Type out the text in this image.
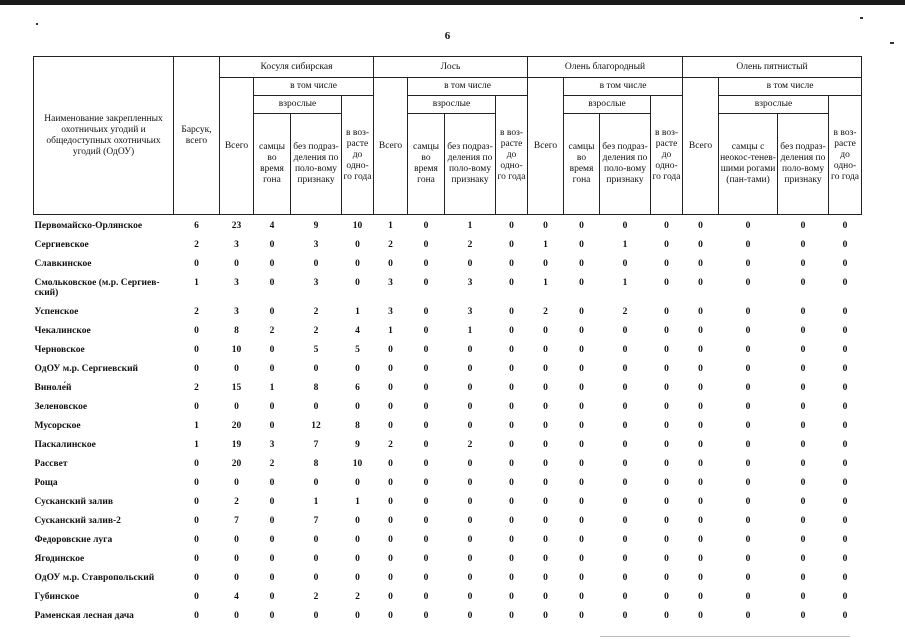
6
Наименование закрепленных охотничьих угодий и общедоступных охотничьих угодий (ОдОУ)	Барсук, всего	Косуля сибирская				Лось				Олень благородный				Олень пятнистый			
		Всего	в том числе			Всего	в том числе			Всего	в том числе			Всего	в том числе		
			взрослые		в воз-расте до одно-го года		взрослые		в воз-расте до одно-го года		взрослые		в воз-расте до одно-го года		взрослые		в воз-расте до одно-го года
			самцы во время гона	без подраз-деления по поло-вому признаку			самцы во время гона	без подраз-деления по поло-вому признаку			самцы во время гона	без подраз-деления по поло-вому признаку			самцы с неокос-тенев-шими рогами (пан-тами)	без подраз-деления по поло-вому признаку	
Первомайско-Орлянское	6	23	4	9	10	1	0	1	0	0	0	0	0	0	0	0	0
Сергиевское	2	3	0	3	0	2	0	2	0	1	0	1	0	0	0	0	0
Славкинское	0	0	0	0	0	0	0	0	0	0	0	0	0	0	0	0	0
Смольковское (м.р. Сергиев-ский)	1	3	0	3	0	3	0	3	0	1	0	1	0	0	0	0	0
Успенское	2	3	0	2	1	3	0	3	0	2	0	2	0	0	0	0	0
Чекалинское	0	8	2	2	4	1	0	1	0	0	0	0	0	0	0	0	0
Черновское	0	10	0	5	5	0	0	0	0	0	0	0	0	0	0	0	0
ОдОУ м.р. Сергиевский	0	0	0	0	0	0	0	0	0	0	0	0	0	0	0	0	0
Виноле́й	2	15	1	8	6	0	0	0	0	0	0	0	0	0	0	0	0
Зеленовское	0	0	0	0	0	0	0	0	0	0	0	0	0	0	0	0	0
Мусорское	1	20	0	12	8	0	0	0	0	0	0	0	0	0	0	0	0
Паскалинское	1	19	3	7	9	2	0	2	0	0	0	0	0	0	0	0	0
Рассвет	0	20	2	8	10	0	0	0	0	0	0	0	0	0	0	0	0
Роща	0	0	0	0	0	0	0	0	0	0	0	0	0	0	0	0	0
Сусканский залив	0	2	0	1	1	0	0	0	0	0	0	0	0	0	0	0	0
Сусканский залив-2	0	7	0	7	0	0	0	0	0	0	0	0	0	0	0	0	0
Федоровские луга	0	0	0	0	0	0	0	0	0	0	0	0	0	0	0	0	0
Ягодинское	0	0	0	0	0	0	0	0	0	0	0	0	0	0	0	0	0
ОдОУ м.р. Ставропольский	0	0	0	0	0	0	0	0	0	0	0	0	0	0	0	0	0
Губинское	0	4	0	2	2	0	0	0	0	0	0	0	0	0	0	0	0
Раменская лесная дача	0	0	0	0	0	0	0	0	0	0	0	0	0	0	0	0	0
